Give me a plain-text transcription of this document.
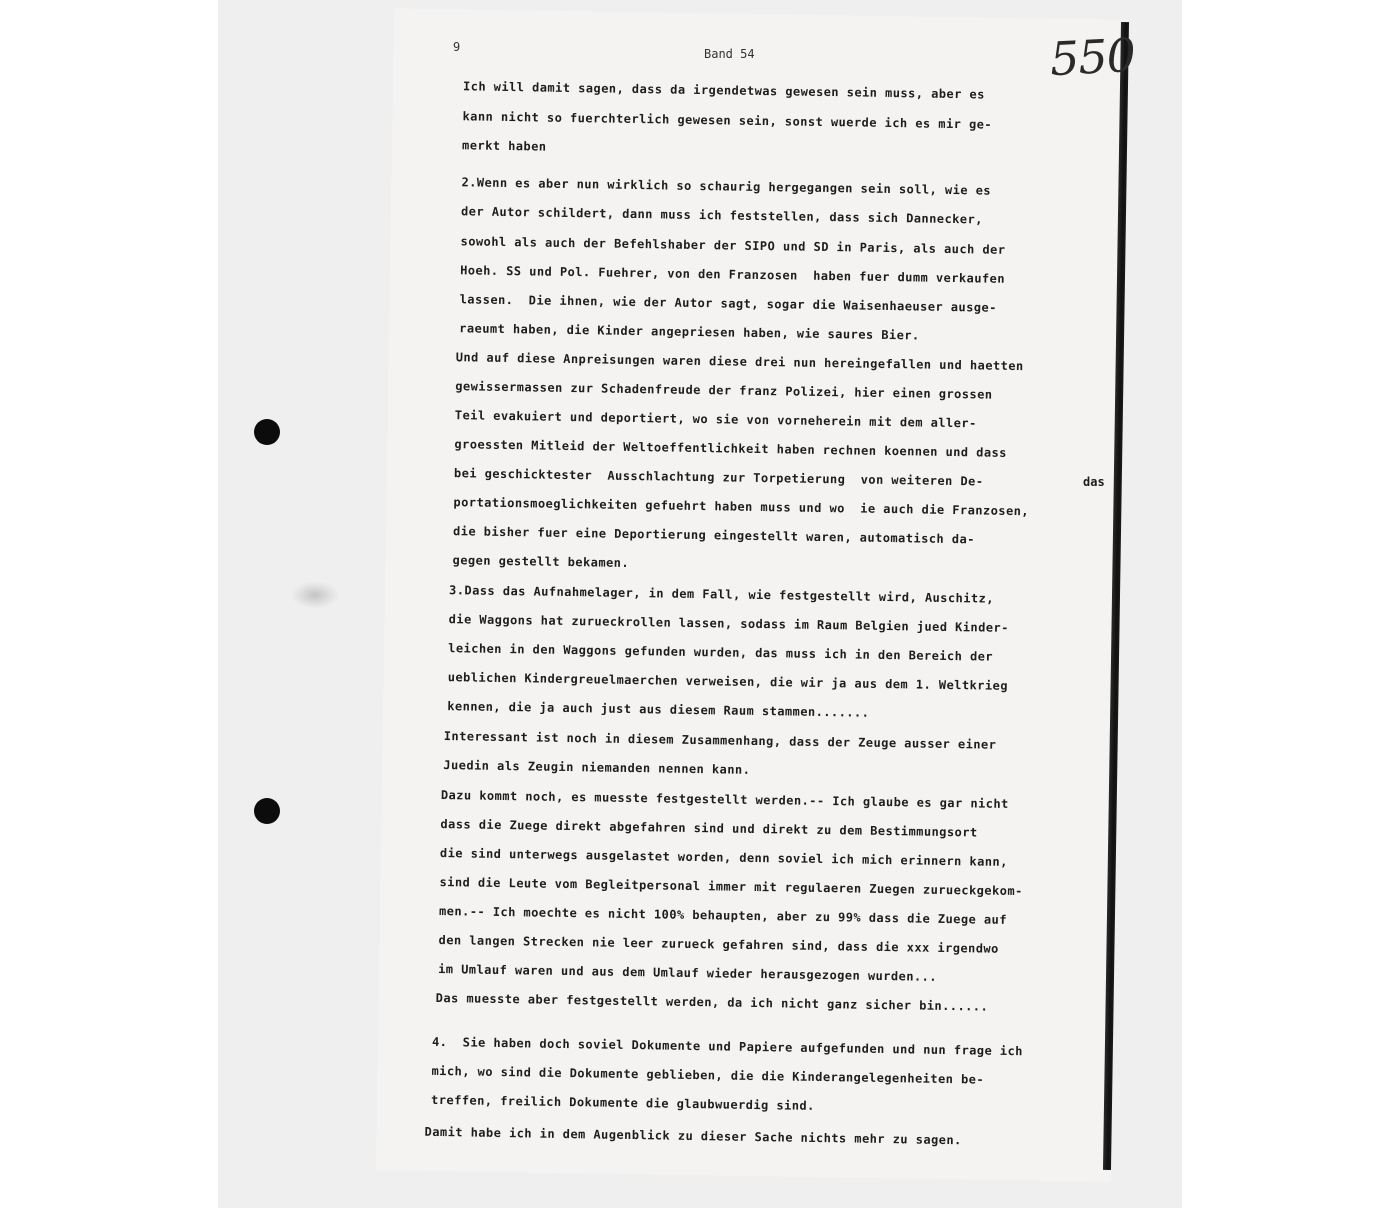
9	Band 54	550
Ich will damit sagen, dass da irgendetwas gewesen sein muss, aber es
kann nicht so fuerchterlich gewesen sein, sonst wuerde ich es mir ge-
merkt haben
2.Wenn es aber nun wirklich so schaurig hergegangen sein soll, wie es
der Autor schildert, dann muss ich feststellen, dass sich Dannecker,
sowohl als auch der Befehlshaber der SIPO und SD in Paris, als auch der
Hoeh. SS und Pol. Fuehrer, von den Franzosen  haben fuer dumm verkaufen
lassen.  Die ihnen, wie der Autor sagt, sogar die Waisenhaeuser ausge-
raeumt haben, die Kinder angepriesen haben, wie saures Bier.
Und auf diese Anpreisungen waren diese drei nun hereingefallen und haetten
gewissermassen zur Schadenfreude der franz Polizei, hier einen grossen
Teil evakuiert und deportiert, wo sie von vorneherein mit dem aller-
groessten Mitleid der Weltoeffentlichkeit haben rechnen koennen und dass
bei geschicktester  Ausschlachtung zur Torpetierung  von weiteren De-
portationsmoeglichkeiten gefuehrt haben muss und wo  ie auch die Franzosen,
die bisher fuer eine Deportierung eingestellt waren, automatisch da-
gegen gestellt bekamen.
3.Dass das Aufnahmelager, in dem Fall, wie festgestellt wird, Auschitz,
die Waggons hat zurueckrollen lassen, sodass im Raum Belgien jued Kinder-
leichen in den Waggons gefunden wurden, das muss ich in den Bereich der
ueblichen Kindergreuelmaerchen verweisen, die wir ja aus dem 1. Weltkrieg
kennen, die ja auch just aus diesem Raum stammen.......
Interessant ist noch in diesem Zusammenhang, dass der Zeuge ausser einer
Juedin als Zeugin niemanden nennen kann.
Dazu kommt noch, es muesste festgestellt werden.-- Ich glaube es gar nicht
dass die Zuege direkt abgefahren sind und direkt zu dem Bestimmungsort
die sind unterwegs ausgelastet worden, denn soviel ich mich erinnern kann,
sind die Leute vom Begleitpersonal immer mit regulaeren Zuegen zurueckgekom-
men.-- Ich moechte es nicht 100% behaupten, aber zu 99% dass die Zuege auf
den langen Strecken nie leer zurueck gefahren sind, dass die xxx irgendwo
im Umlauf waren und aus dem Umlauf wieder herausgezogen wurden...
Das muesste aber festgestellt werden, da ich nicht ganz sicher bin......
4.  Sie haben doch soviel Dokumente und Papiere aufgefunden und nun frage ich
mich, wo sind die Dokumente geblieben, die die Kinderangelegenheiten be-
treffen, freilich Dokumente die glaubwuerdig sind.
Damit habe ich in dem Augenblick zu dieser Sache nichts mehr zu sagen.
das
